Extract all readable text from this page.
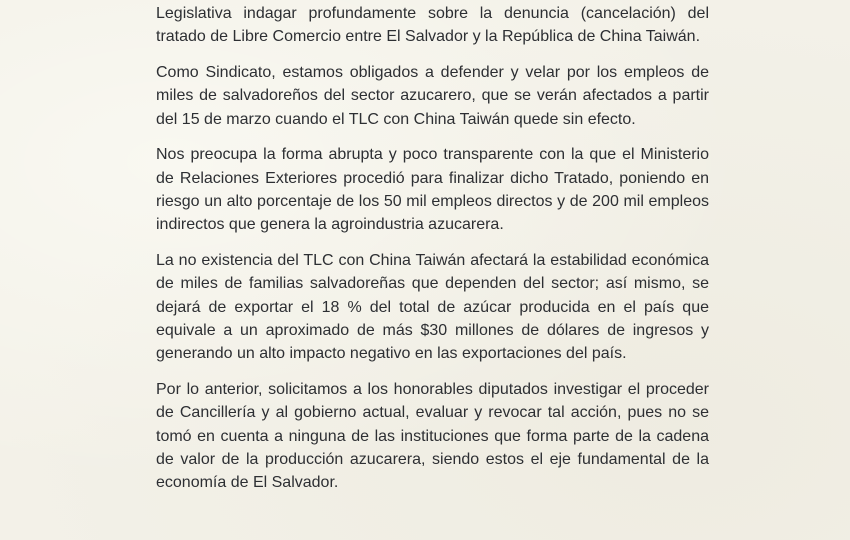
Legislativa indagar profundamente sobre la denuncia (cancelación) del tratado de Libre Comercio entre El Salvador y la República de China Taiwán.

Como Sindicato, estamos obligados a defender y velar por los empleos de miles de salvadoreños del sector azucarero, que se verán afectados a partir del 15 de marzo cuando el TLC con China Taiwán quede sin efecto.

Nos preocupa la forma abrupta y poco transparente con la que el Ministerio de Relaciones Exteriores procedió para finalizar dicho Tratado, poniendo en riesgo un alto porcentaje de los 50 mil empleos directos y de 200 mil empleos indirectos que genera la agroindustria azucarera.

La no existencia del TLC con China Taiwán afectará la estabilidad económica de miles de familias salvadoreñas que dependen del sector; así mismo, se dejará de exportar el 18 % del total de azúcar producida en el país que equivale a un aproximado de más $30 millones de dólares de ingresos y generando un alto impacto negativo en las exportaciones del país.

Por lo anterior, solicitamos a los honorables diputados investigar el proceder de Cancillería y al gobierno actual, evaluar y revocar tal acción, pues no se tomó en cuenta a ninguna de las instituciones que forma parte de la cadena de valor de la producción azucarera, siendo estos el eje fundamental de la economía de El Salvador.
